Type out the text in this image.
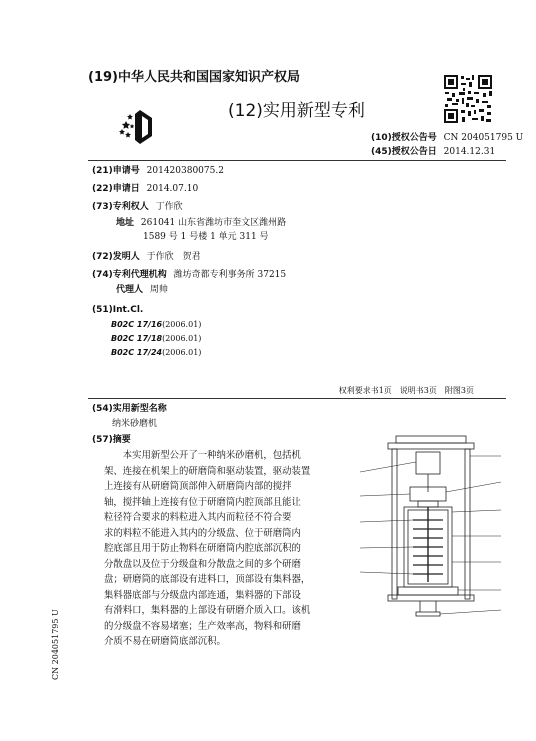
(19)中华人民共和国国家知识产权局
(12)实用新型专利
(10)授权公告号 CN 204051795 U
(45)授权公告日 2014.12.31
(21)申请号 201420380075.2
(22)申请日 2014.07.10
(73)专利权人 丁作欣
地址 261041 山东省潍坊市奎文区潍州路
1589 号 1 号楼 1 单元 311 号
(72)发明人 于作欣　贺君
(74)专利代理机构 潍坊奇都专利事务所 37215
代理人 周帅
(51)Int.Cl.
B02C 17/16(2006.01)
B02C 17/18(2006.01)
B02C 17/24(2006.01)
权利要求书1页　说明书3页　附图3页
(54)实用新型名称
纳米砂磨机
(57)摘要

本实用新型公开了一种纳米砂磨机，包括机

架、连接在机架上的研磨筒和驱动装置，驱动装置

上连接有从研磨筒顶部伸入研磨筒内部的搅拌

轴，搅拌轴上连接有位于研磨筒内腔顶部且能让

粒径符合要求的料粒进入其内而粒径不符合要

求的料粒不能进入其内的分级盘、位于研磨筒内

腔底部且用于防止物料在研磨筒内腔底部沉积的

分散盘以及位于分级盘和分散盘之间的多个研磨

盘；研磨筒的底部设有进料口，顶部设有集料器，

集料器底部与分级盘内部连通，集料器的下部设

有滑料口，集料器的上部设有研磨介质入口。该机

的分级盘不容易堵塞；生产效率高，物料和研磨

介质不易在研磨筒底部沉积。

CN 204051795 U
